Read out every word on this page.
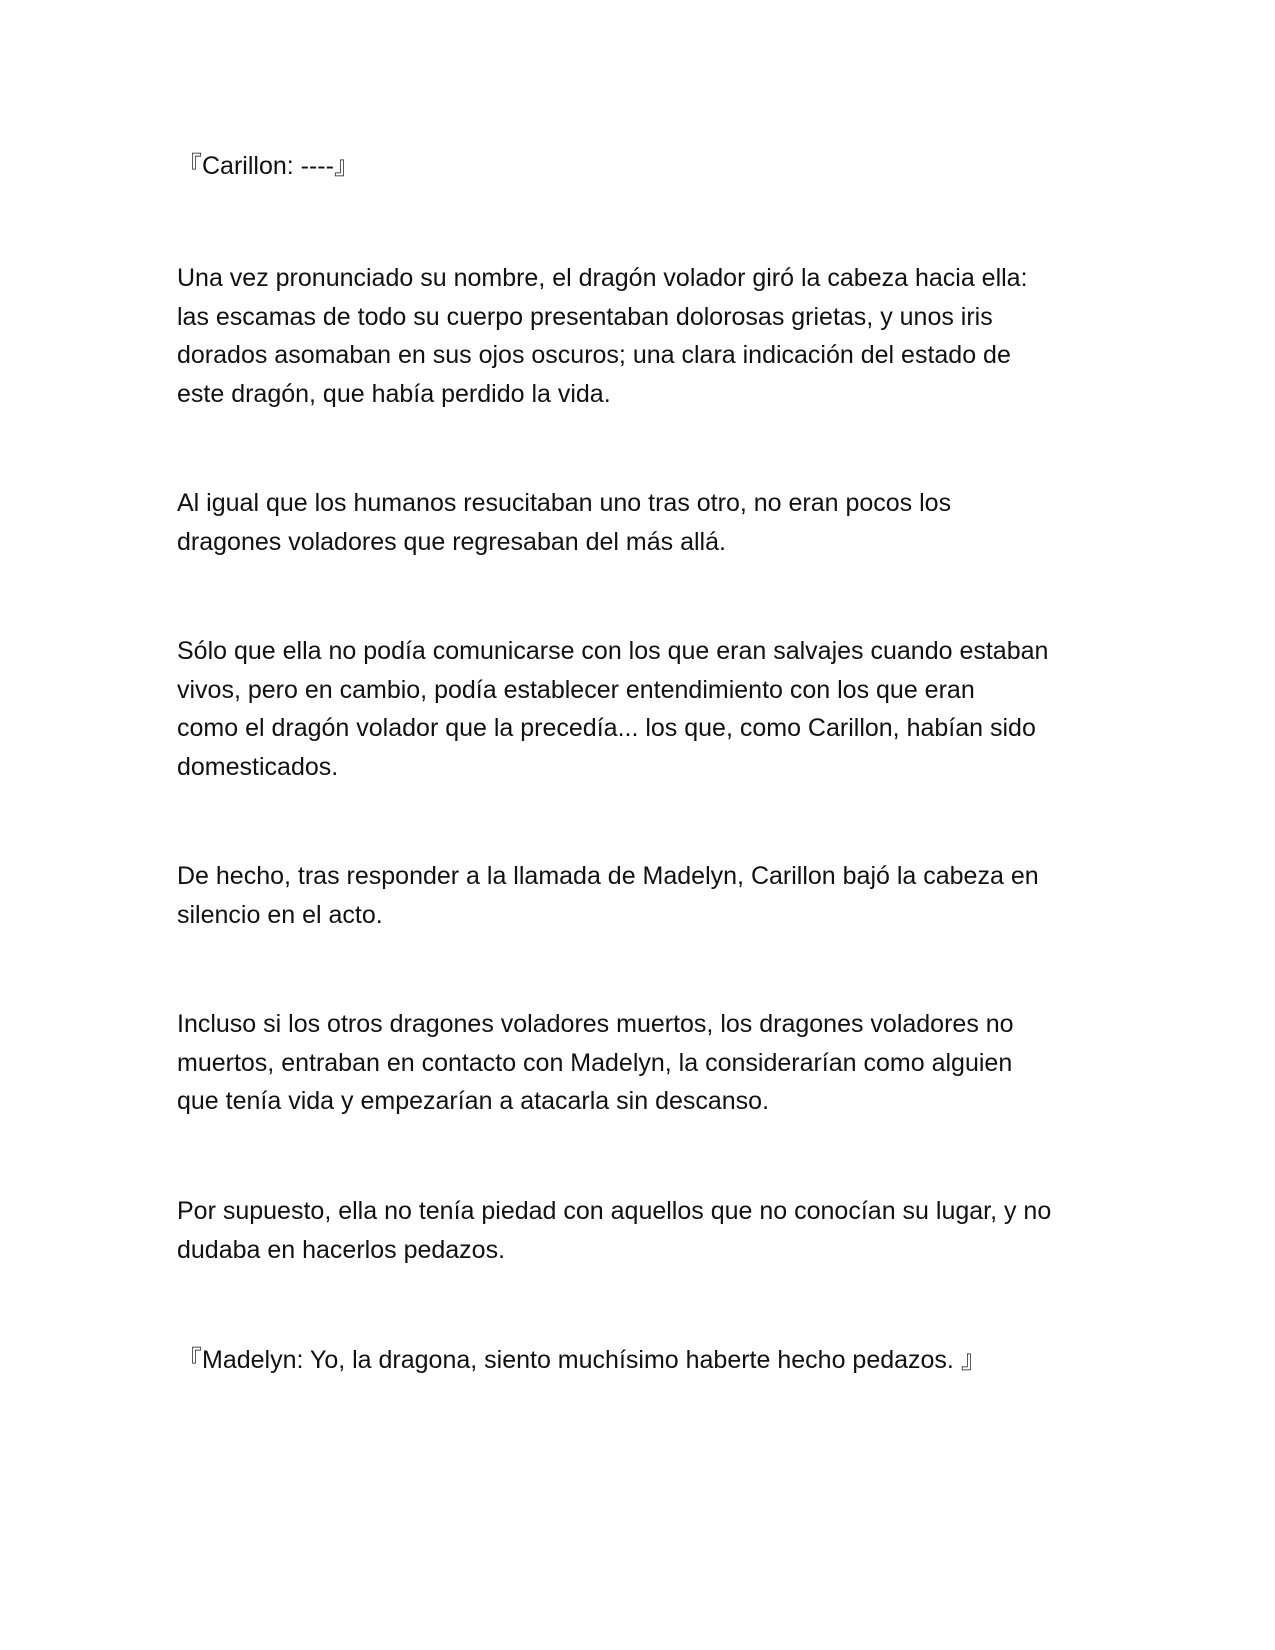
『Carillon: ----』

Una vez pronunciado su nombre, el dragón volador giró la cabeza hacia ella:
las escamas de todo su cuerpo presentaban dolorosas grietas, y unos iris
dorados asomaban en sus ojos oscuros; una clara indicación del estado de
este dragón, que había perdido la vida.

Al igual que los humanos resucitaban uno tras otro, no eran pocos los
dragones voladores que regresaban del más allá.

Sólo que ella no podía comunicarse con los que eran salvajes cuando estaban
vivos, pero en cambio, podía establecer entendimiento con los que eran
como el dragón volador que la precedía... los que, como Carillon, habían sido
domesticados.

De hecho, tras responder a la llamada de Madelyn, Carillon bajó la cabeza en
silencio en el acto.

Incluso si los otros dragones voladores muertos, los dragones voladores no
muertos, entraban en contacto con Madelyn, la considerarían como alguien
que tenía vida y empezarían a atacarla sin descanso.

Por supuesto, ella no tenía piedad con aquellos que no conocían su lugar, y no
dudaba en hacerlos pedazos.

『Madelyn: Yo, la dragona, siento muchísimo haberte hecho pedazos. 』
